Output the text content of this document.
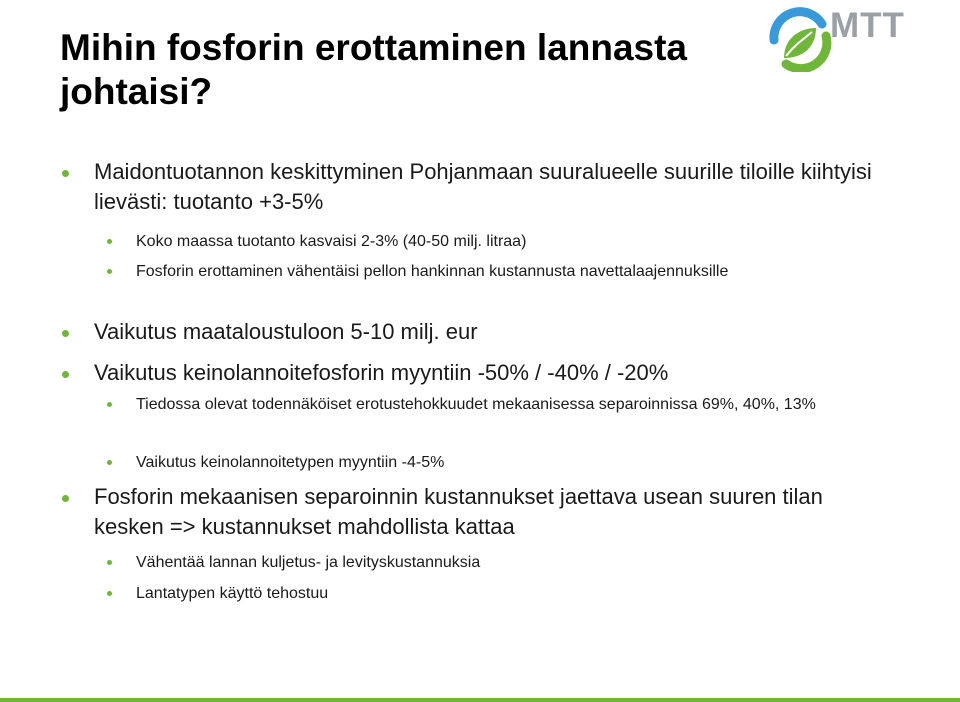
Mihin fosforin erottaminen lannasta johtaisi?
MTT

Maidontuotannon keskittyminen Pohjanmaan suuralueelle suurille tiloille kiihtyisi lievästi: tuotanto +3-5%

Koko maassa tuotanto kasvaisi 2-3% (40-50 milj. litraa)

Fosforin erottaminen vähentäisi pellon hankinnan kustannusta navettalaajennuksille

Vaikutus maataloustuloon 5-10 milj. eur

Vaikutus keinolannoitefosforin myyntiin -50% / -40% / -20%

Tiedossa olevat todennäköiset erotustehokkuudet mekaanisessa separoinnissa 69%, 40%, 13%

Vaikutus keinolannoitetypen myyntiin -4-5%

Fosforin mekaanisen separoinnin kustannukset jaettava usean suuren tilan kesken => kustannukset mahdollista kattaa

Vähentää lannan kuljetus- ja levityskustannuksia

Lantatypen käyttö tehostuu
